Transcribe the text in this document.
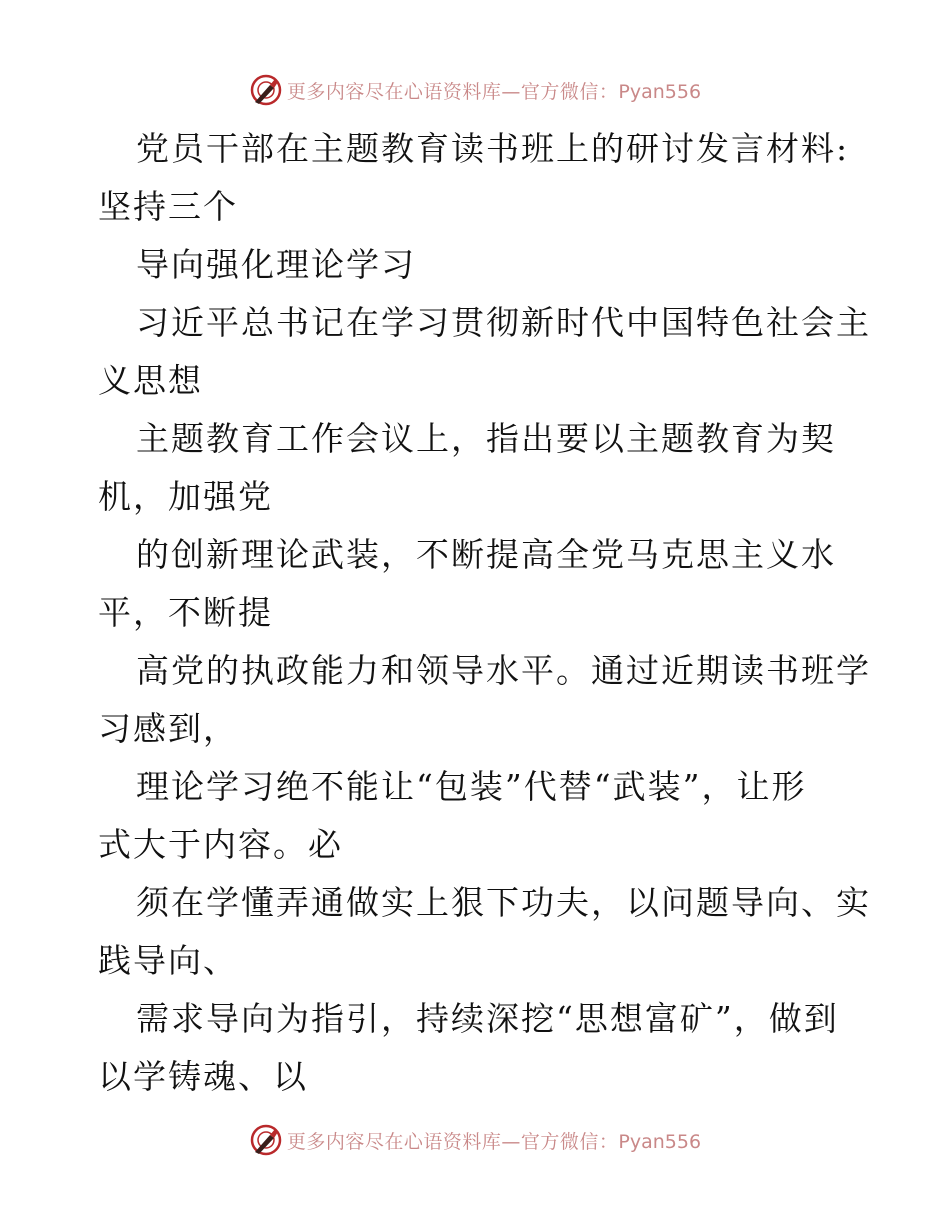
更多内容尽在心语资料库—官方微信：Pyan556

党员干部在主题教育读书班上的研讨发言材料:
坚持三个

导向强化理论学习

习近平总书记在学习贯彻新时代中国特色社会主
义思想

主题教育工作会议上，指出要以主题教育为契
机，加强党

的创新理论武装，不断提高全党马克思主义水
平，不断提

高党的执政能力和领导水平。通过近期读书班学
习感到，

理论学习绝不能让“包装”代替“武装”，让形
式大于内容。必

须在学懂弄通做实上狠下功夫，以问题导向、实
践导向、

需求导向为指引，持续深挖“思想富矿”，做到
以学铸魂、以

更多内容尽在心语资料库—官方微信：Pyan556
